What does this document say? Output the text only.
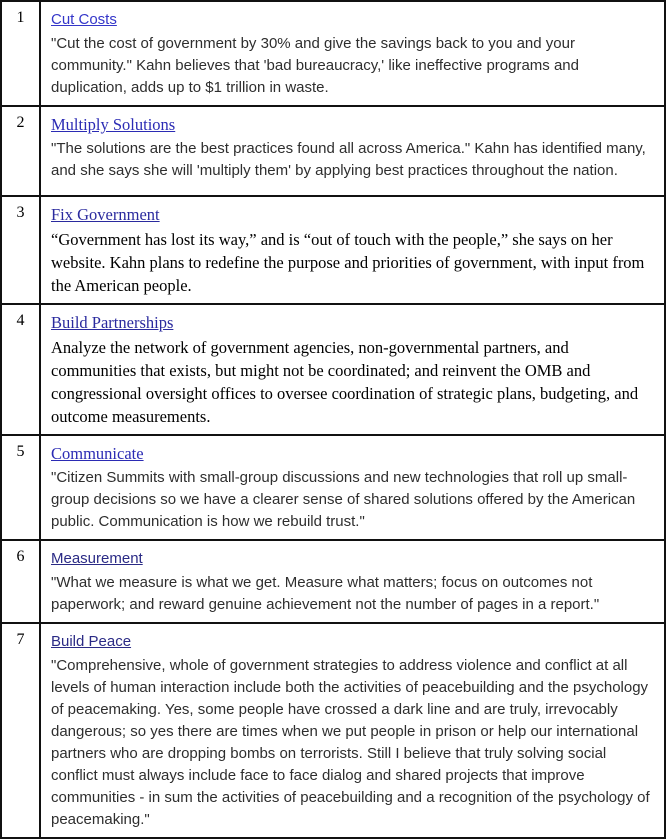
1	Cut Costs
"Cut the cost of government by 30% and give the savings back to you and your community." Kahn believes that 'bad bureaucracy,' like ineffective programs and duplication, adds up to $1 trillion in waste.

2	Multiply Solutions
"The solutions are the best practices found all across America." Kahn has identified many, and she says she will 'multiply them' by applying best practices throughout the nation.

3	Fix Government
“Government has lost its way,” and is “out of touch with the people,” she says on her website. Kahn plans to redefine the purpose and priorities of government, with input from the American people.

4	Build Partnerships
Analyze the network of government agencies, non-governmental partners, and communities that exists, but might not be coordinated; and reinvent the OMB and congressional oversight offices to oversee coordination of strategic plans, budgeting, and outcome measurements.

5	Communicate
"Citizen Summits with small-group discussions and new technologies that roll up small-group decisions so we have a clearer sense of shared solutions offered by the American public. Communication is how we rebuild trust."

6	Measurement
"What we measure is what we get. Measure what matters; focus on outcomes not paperwork; and reward genuine achievement not the number of pages in a report."

7	Build Peace
"Comprehensive, whole of government strategies to address violence and conflict at all levels of human interaction include both the activities of peacebuilding and the psychology of peacemaking. Yes, some people have crossed a dark line and are truly, irrevocably dangerous; so yes there are times when we put people in prison or help our international partners who are dropping bombs on terrorists. Still I believe that truly solving social conflict must always include face to face dialog and shared projects that improve communities - in sum the activities of peacebuilding and a recognition of the psychology of peacemaking."
